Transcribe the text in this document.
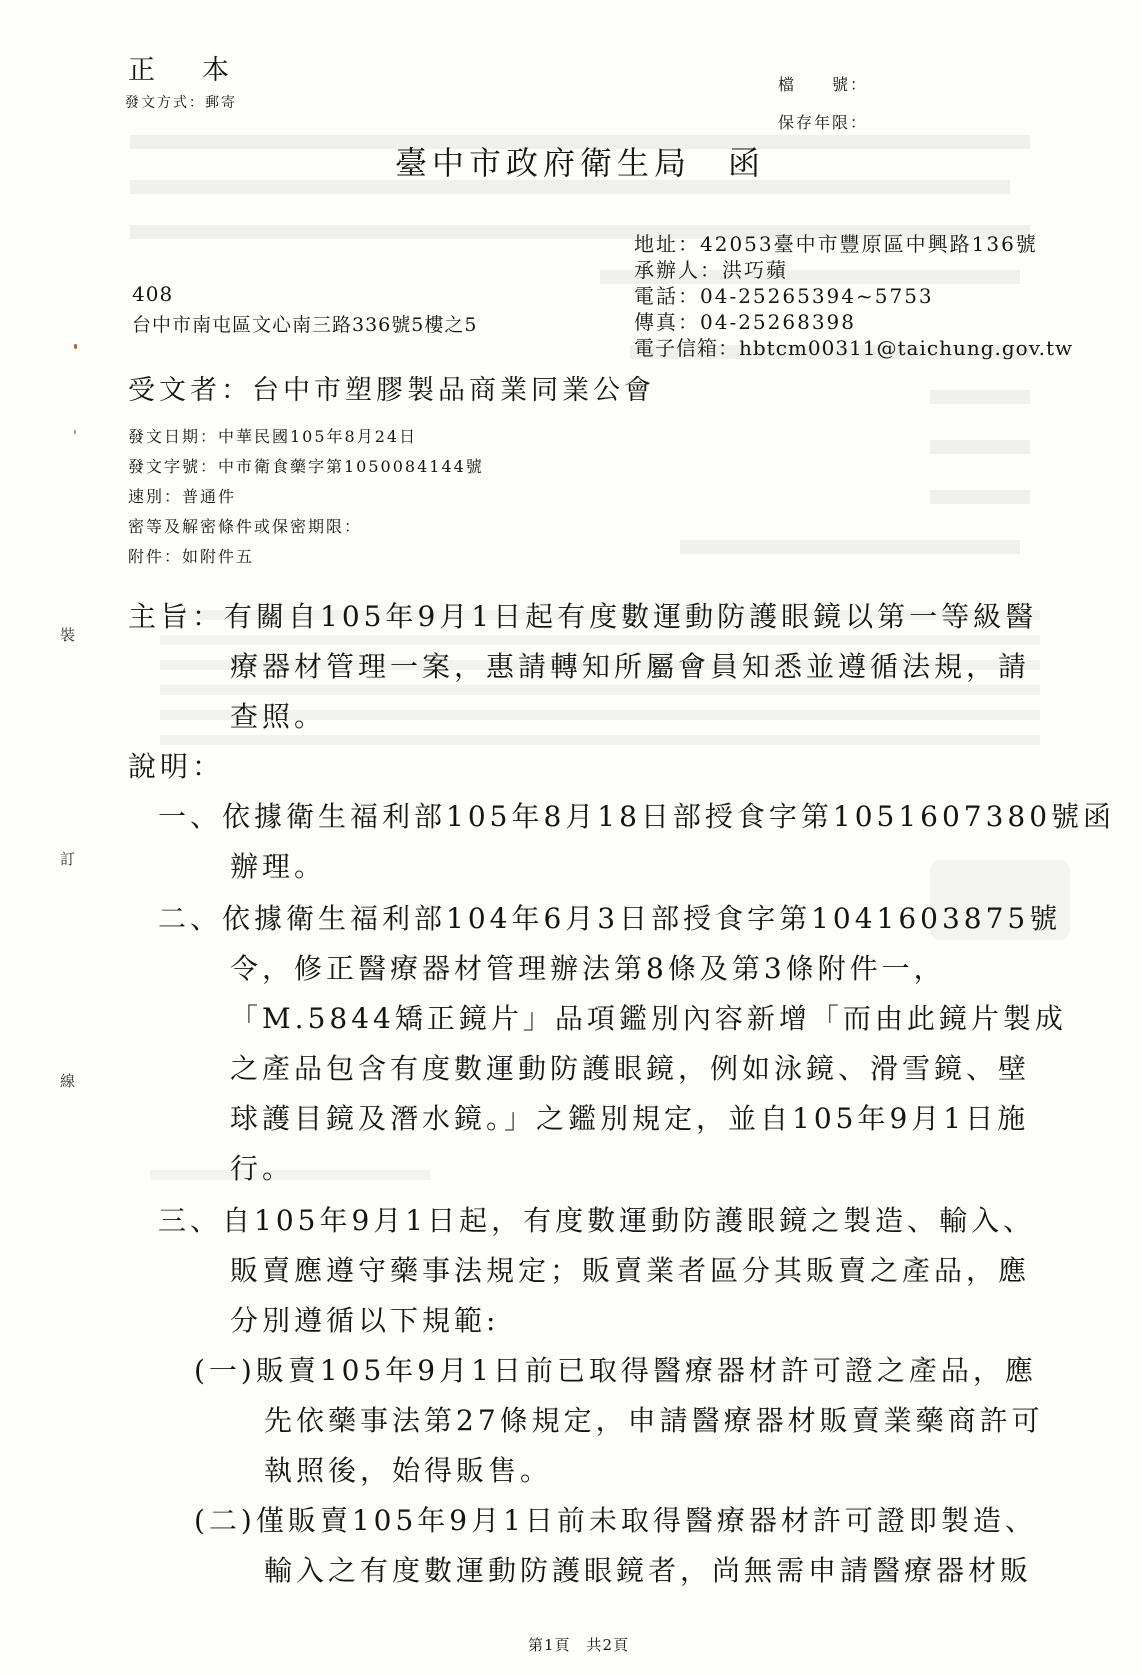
正　本
發文方式：郵寄
檔　　號：
保存年限：
臺中市政府衛生局　函
408
台中市南屯區文心南三路336號5樓之5
地址：42053臺中市豐原區中興路136號
承辦人：洪巧蘋
電話：04-25265394~5753
傳真：04-25268398
電子信箱：hbtcm00311@taichung.gov.tw
受文者：台中市塑膠製品商業同業公會
發文日期：中華民國105年8月24日
發文字號：中市衛食藥字第1050084144號
速別：普通件
密等及解密條件或保密期限：
附件：如附件五
主旨：有關自105年9月1日起有度數運動防護眼鏡以第一等級醫
療器材管理一案，惠請轉知所屬會員知悉並遵循法規，請
查照。
說明：
一、依據衛生福利部105年8月18日部授食字第1051607380號函
辦理。
二、依據衛生福利部104年6月3日部授食字第1041603875號
令，修正醫療器材管理辦法第8條及第3條附件一，
「M.5844矯正鏡片」品項鑑別內容新增「而由此鏡片製成
之產品包含有度數運動防護眼鏡，例如泳鏡、滑雪鏡、壁
球護目鏡及潛水鏡。」之鑑別規定，並自105年9月1日施
行。
三、自105年9月1日起，有度數運動防護眼鏡之製造、輸入、
販賣應遵守藥事法規定；販賣業者區分其販賣之產品，應
分別遵循以下規範:
(一)販賣105年9月1日前已取得醫療器材許可證之產品，應
先依藥事法第27條規定，申請醫療器材販賣業藥商許可
執照後，始得販售。
(二)僅販賣105年9月1日前未取得醫療器材許可證即製造、
輸入之有度數運動防護眼鏡者，尚無需申請醫療器材販
裝
訂
線
第1頁　共2頁
